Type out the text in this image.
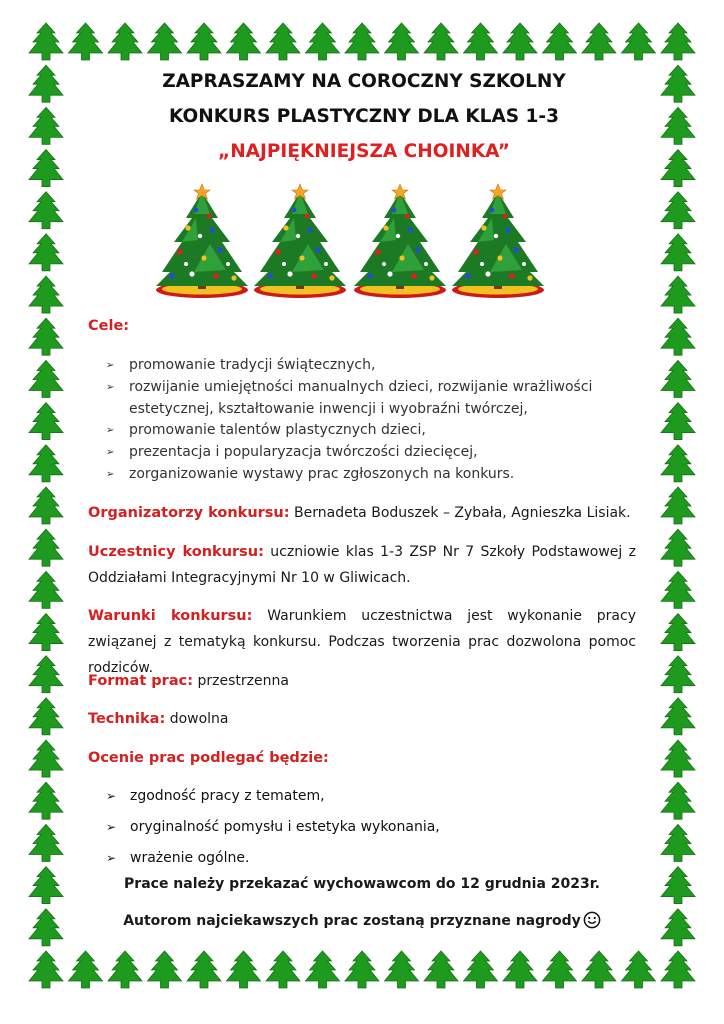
ZAPRASZAMY NA COROCZNY SZKOLNY
KONKURS PLASTYCZNY DLA KLAS 1-3
„NAJPIĘKNIEJSZA CHOINKA”
Cele:
➢ promowanie tradycji świątecznych,
➢ rozwijanie umiejętności manualnych dzieci, rozwijanie wrażliwości estetycznej, kształtowanie inwencji i wyobraźni twórczej,
➢ promowanie talentów plastycznych dzieci,
➢ prezentacja i popularyzacja twórczości dziecięcej,
➢ zorganizowanie wystawy prac zgłoszonych na konkurs.
Organizatorzy konkursu: Bernadeta Boduszek – Zybała, Agnieszka Lisiak.
Uczestnicy konkursu: uczniowie klas 1-3 ZSP Nr 7 Szkoły Podstawowej z Oddziałami Integracyjnymi Nr 10 w Gliwicach.
Warunki konkursu: Warunkiem uczestnictwa jest wykonanie pracy związanej z tematyką konkursu. Podczas tworzenia prac dozwolona pomoc rodziców.
Format prac: przestrzenna
Technika: dowolna
Ocenie prac podlegać będzie:
➢ zgodność pracy z tematem,
➢ oryginalność pomysłu i estetyka wykonania,
➢ wrażenie ogólne.
Prace należy przekazać wychowawcom do 12 grudnia 2023r.
Autorom najciekawszych prac zostaną przyznane nagrody
